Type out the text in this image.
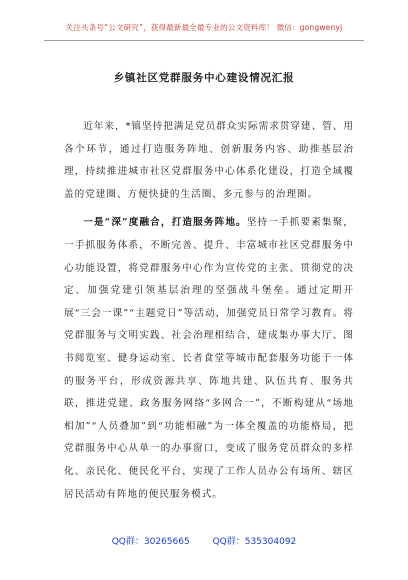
关注头条号“公文研究”，获得最新最全最专业的公文资料库！ 微信：gongwenyj
乡镇社区党群服务中心建设情况汇报

近年来，*镇坚持把满足党员群众实际需求贯穿建、管、用各个环节，通过打造服务阵地、创新服务内容、助推基层治理，持续推进城市社区党群服务中心体系化建设，打造全域覆盖的党建圈、方便快捷的生活圈、多元参与的治理圈。

一是“深”度融合，打造服务阵地。坚持一手抓要素集聚，一手抓服务体系，不断完善、提升、丰富城市社区党群服务中心功能设置，将党群服务中心作为宣传党的主张、贯彻党的决定、加强党建引领基层治理的坚强战斗堡垒。通过定期开展“三会一课”“主题党日”等活动，加强党员日常学习教育。将党群服务与文明实践、社会治理相结合，建成集办事大厅、图书阅览室、健身运动室、长者食堂等城市配套服务功能于一体的服务平台，形成资源共享、阵地共建、队伍共育、服务共联，推进党建、政务服务网络“多网合一”，不断构建从“场地相加”“人员叠加”到“功能相融”为一体全覆盖的功能格局，把党群服务中心从单一的办事窗口，变成了服务党员群众的多样化、亲民化、便民化平台，实现了工作人员办公有场所、辖区居民活动有阵地的便民服务模式。

QQ群：30265665	QQ群：535304092
